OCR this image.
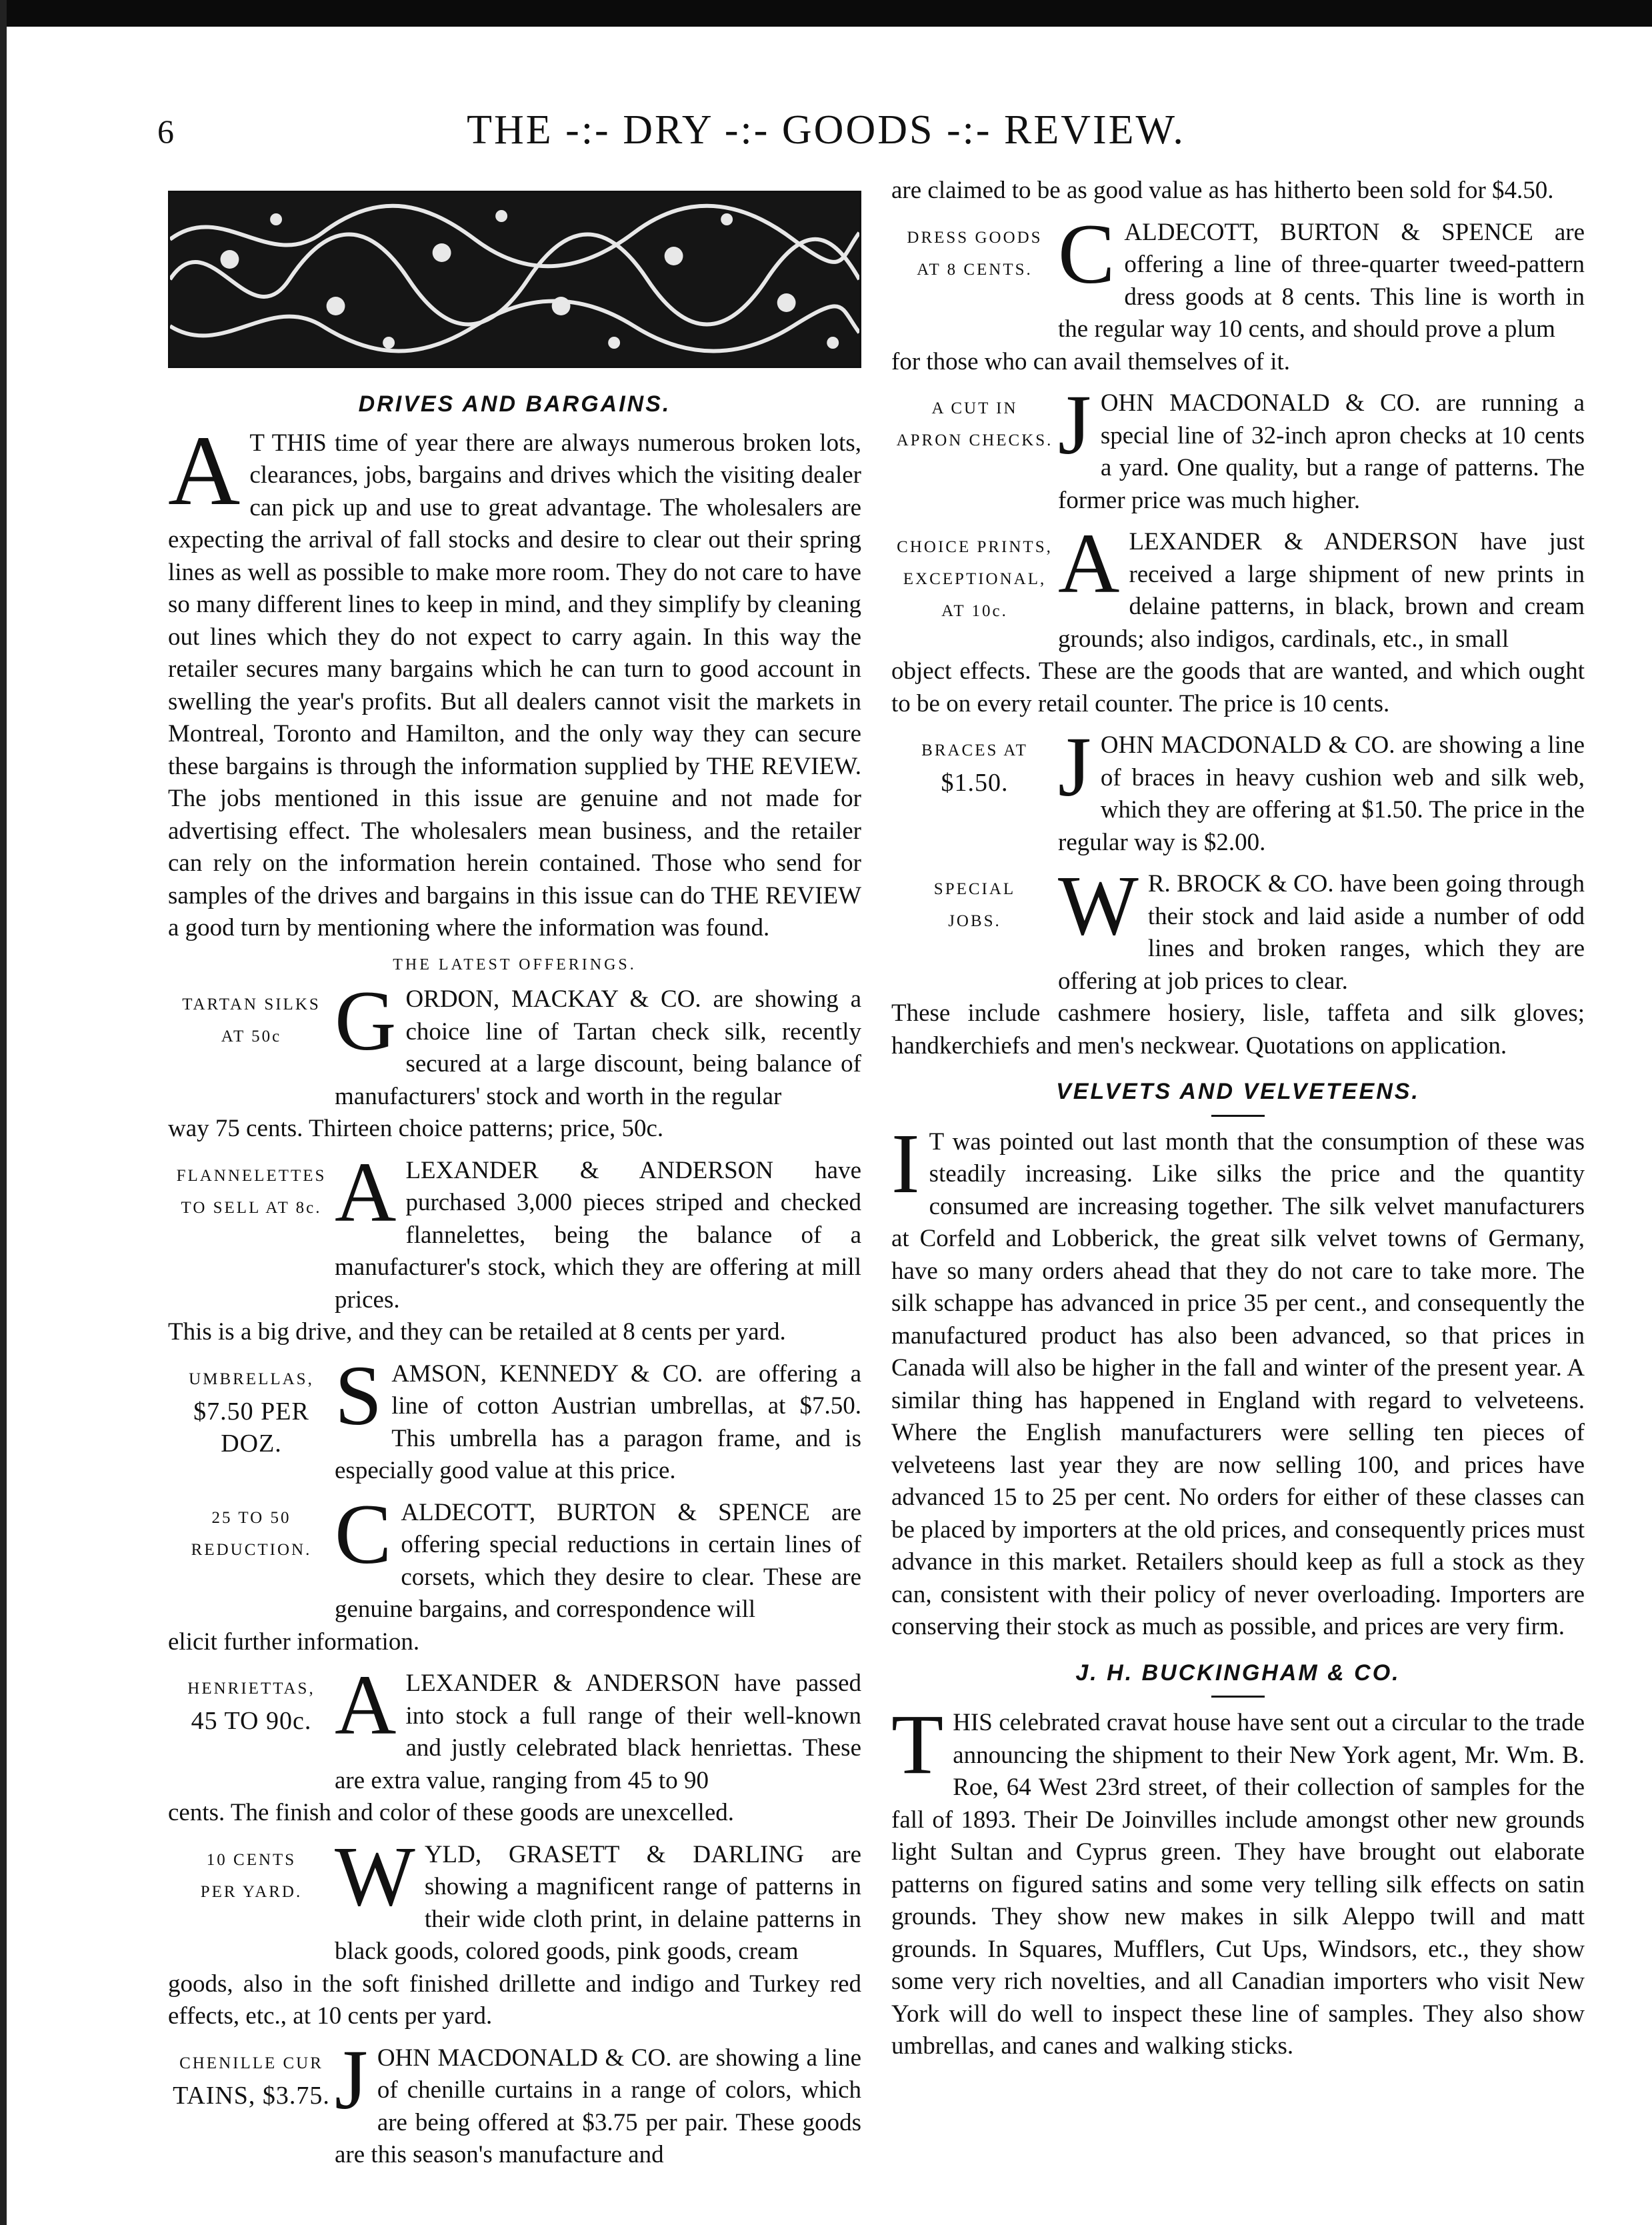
6	THE -:- DRY -:- GOODS -:- REVIEW.
DRIVES AND BARGAINS.

A T THIS time of year there are always numerous broken lots, clearances, jobs, bargains and drives which the visiting dealer can pick up and use to great advantage. The wholesalers are expecting the arrival of fall stocks and desire to clear out their spring lines as well as possible to make more room. They do not care to have so many different lines to keep in mind, and they simplify by cleaning out lines which they do not expect to carry again. In this way the retailer secures many bargains which he can turn to good account in swelling the year's profits. But all dealers cannot visit the markets in Montreal, Toronto and Hamilton, and the only way they can secure these bargains is through the information supplied by THE REVIEW. The jobs mentioned in this issue are genuine and not made for advertising effect. The wholesalers mean business, and the retailer can rely on the information herein contained. Those who send for samples of the drives and bargains in this issue can do THE REVIEW a good turn by mentioning where the information was found.

THE LATEST OFFERINGS.
TARTAN SILKS
AT 50c GORDON, MACKAY & CO. are showing a choice line of Tartan check silk, recently secured at a large discount, being balance of manufacturers' stock and worth in the regular
way 75 cents. Thirteen choice patterns; price, 50c.
FLANNELETTES
TO SELL AT 8c. ALEXANDER & ANDERSON have purchased 3,000 pieces striped and checked flannelettes, being the balance of a manufacturer's stock, which they are offering at mill prices.
This is a big drive, and they can be retailed at 8 cents per yard.
UMBRELLAS,
$7.50 PER DOZ.
SAMSON, KENNEDY & CO. are offering a line of cotton Austrian umbrellas, at $7.50. This umbrella has a paragon frame, and is especially good value at this price.
25 TO 50
REDUCTION. CALDECOTT, BURTON & SPENCE are offering special reductions in certain lines of corsets, which they desire to clear. These are genuine bargains, and correspondence will
elicit further information.
HENRIETTAS,
45 TO 90c. ALEXANDER & ANDERSON have passed into stock a full range of their well-known and justly celebrated black henriettas. These are extra value, ranging from 45 to 90
cents. The finish and color of these goods are unexcelled.
10 CENTS
PER YARD. WYLD, GRASETT & DARLING are showing a magnificent range of patterns in their wide cloth print, in delaine patterns in black goods, colored goods, pink goods, cream
goods, also in the soft finished drillette and indigo and Turkey red effects, etc., at 10 cents per yard.
CHENILLE CUR
TAINS, $3.75. JOHN MACDONALD & CO. are showing a line of chenille curtains in a range of colors, which are being offered at $3.75 per pair. These goods are this season's manufacture and
are claimed to be as good value as has hitherto been sold for $4.50.
DRESS GOODS
AT 8 CENTS. CALDECOTT, BURTON & SPENCE are offering a line of three-quarter tweed-pattern dress goods at 8 cents. This line is worth in the regular way 10 cents, and should prove a plum
for those who can avail themselves of it.
A CUT IN
APRON CHECKS. JOHN MACDONALD & CO. are running a special line of 32-inch apron checks at 10 cents a yard. One quality, but a range of patterns. The former price was much higher.
CHOICE PRINTS,
EXCEPTIONAL,
AT 10c.
ALEXANDER & ANDERSON have just received a large shipment of new prints in delaine patterns, in black, brown and cream grounds; also indigos, cardinals, etc., in small
object effects. These are the goods that are wanted, and which ought to be on every retail counter. The price is 10 cents.
BRACES AT
$1.50. JOHN MACDONALD & CO. are showing a line of braces in heavy cushion web and silk web, which they are offering at $1.50. The price in the regular way is $2.00.
SPECIAL
JOBS. W R. BROCK & CO. have been going through their stock and laid aside a number of odd lines and broken ranges, which they are offering at job prices to clear.
These include cashmere hosiery, lisle, taffeta and silk gloves; handkerchiefs and men's neckwear. Quotations on application.
VELVETS AND VELVETEENS.

I T was pointed out last month that the consumption of these was steadily increasing. Like silks the price and the quantity consumed are increasing together. The silk velvet manufacturers at Corfeld and Lobberick, the great silk velvet towns of Germany, have so many orders ahead that they do not care to take more. The silk schappe has advanced in price 35 per cent., and consequently the manufactured product has also been advanced, so that prices in Canada will also be higher in the fall and winter of the present year. A similar thing has happened in England with regard to velveteens. Where the English manufacturers were selling ten pieces of velveteens last year they are now selling 100, and prices have advanced 15 to 25 per cent. No orders for either of these classes can be placed by importers at the old prices, and consequently prices must advance in this market. Retailers should keep as full a stock as they can, consistent with their policy of never overloading. Importers are conserving their stock as much as possible, and prices are very firm.

J. H. BUCKINGHAM & CO.

THIS celebrated cravat house have sent out a circular to the trade announcing the shipment to their New York agent, Mr. Wm. B. Roe, 64 West 23rd street, of their collection of samples for the fall of 1893. Their De Joinvilles include amongst other new grounds light Sultan and Cyprus green. They have brought out elaborate patterns on figured satins and some very telling silk effects on satin grounds. They show new makes in silk Aleppo twill and matt grounds. In Squares, Mufflers, Cut Ups, Windsors, etc., they show some very rich novelties, and all Canadian importers who visit New York will do well to inspect these line of samples. They also show umbrellas, and canes and walking sticks.
